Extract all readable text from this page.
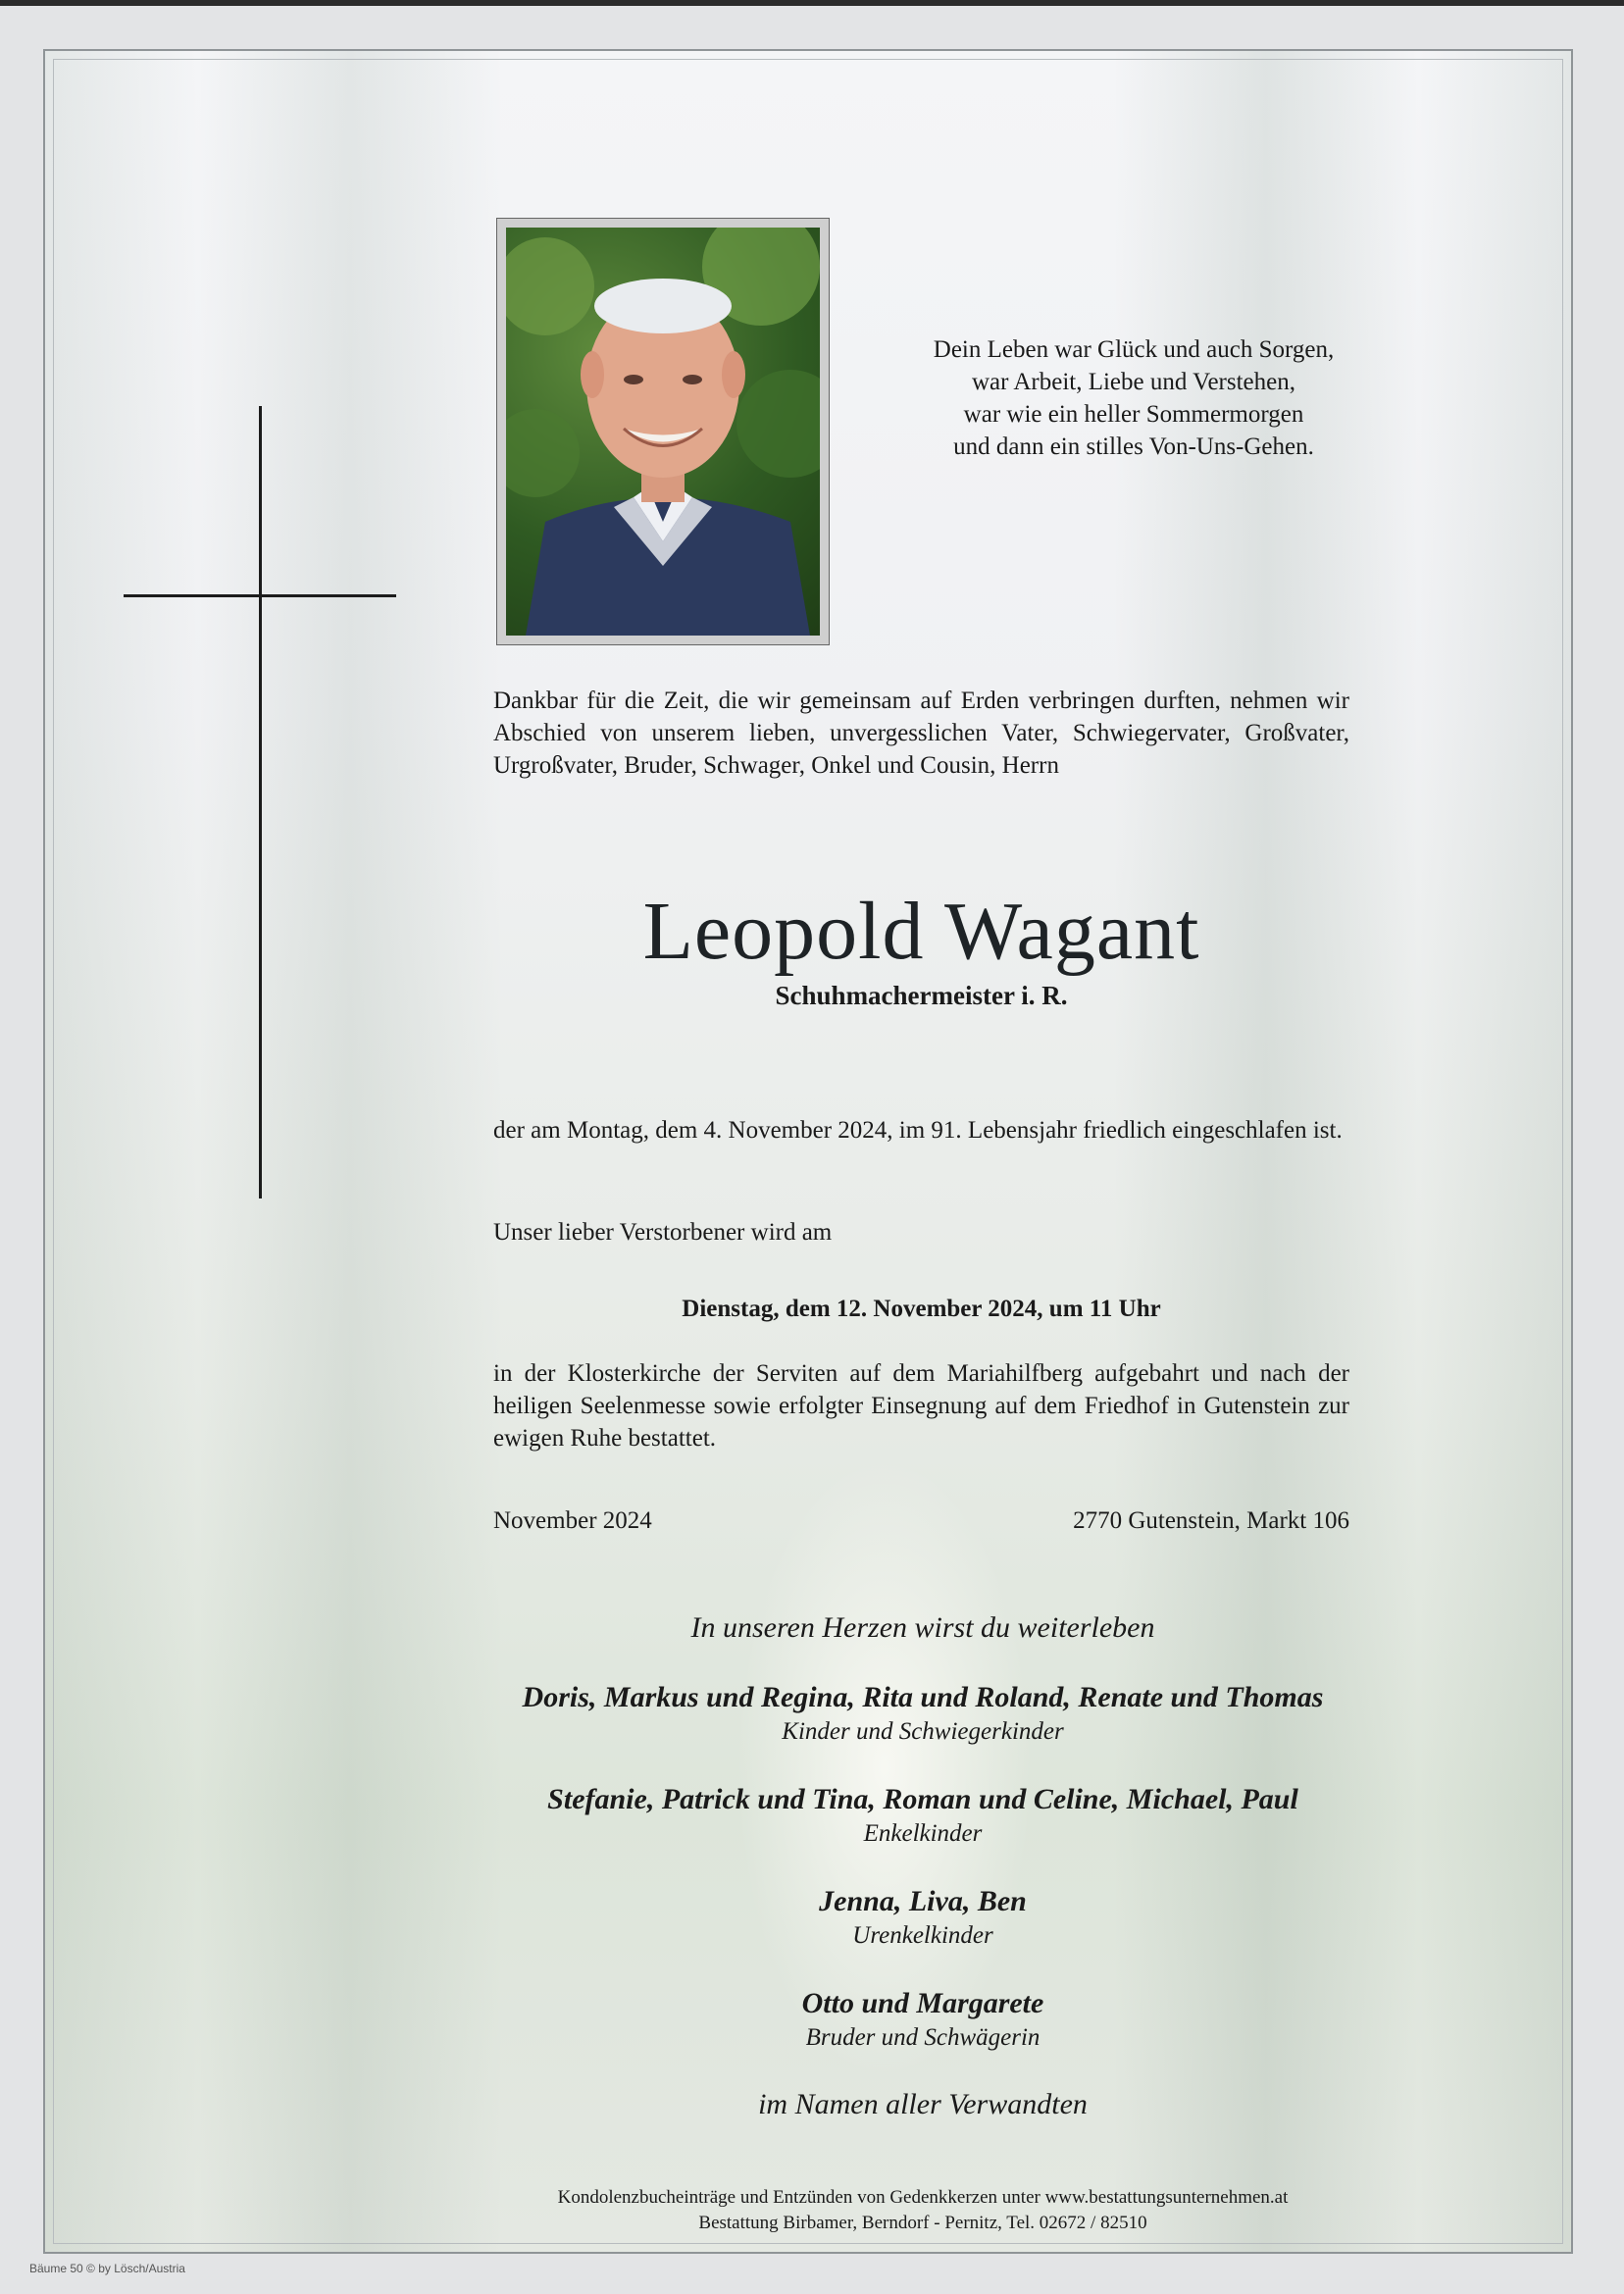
Dein Leben war Glück und auch Sorgen,
war Arbeit, Liebe und Verstehen,
war wie ein heller Sommermorgen
und dann ein stilles Von-Uns-Gehen.
Dankbar für die Zeit, die wir gemeinsam auf Erden verbringen durften, nehmen wir Abschied von unserem lieben, unvergesslichen Vater, Schwiegervater, Großvater, Urgroßvater, Bruder, Schwager, Onkel und Cousin, Herrn
Leopold Wagant
Schuhmachermeister i. R.
der am Montag, dem 4. November 2024, im 91. Lebensjahr friedlich eingeschlafen ist.
Unser lieber Verstorbener wird am
Dienstag, dem 12. November 2024, um 11 Uhr
in der Klosterkirche der Serviten auf dem Mariahilfberg aufgebahrt und nach der heiligen Seelenmesse sowie erfolgter Einsegnung auf dem Friedhof in Gutenstein zur ewigen Ruhe bestattet.
November 2024	2770 Gutenstein, Markt 106
In unseren Herzen wirst du weiterleben
Doris, Markus und Regina, Rita und Roland, Renate und Thomas
Kinder und Schwiegerkinder
Stefanie, Patrick und Tina, Roman und Celine, Michael, Paul
Enkelkinder
Jenna, Liva, Ben
Urenkelkinder
Otto und Margarete
Bruder und Schwägerin
im Namen aller Verwandten
Kondolenzbucheinträge und Entzünden von Gedenkkerzen unter www.bestattungsunternehmen.at
Bestattung Birbamer, Berndorf - Pernitz, Tel. 02672 / 82510
Bäume 50 © by Lösch/Austria
